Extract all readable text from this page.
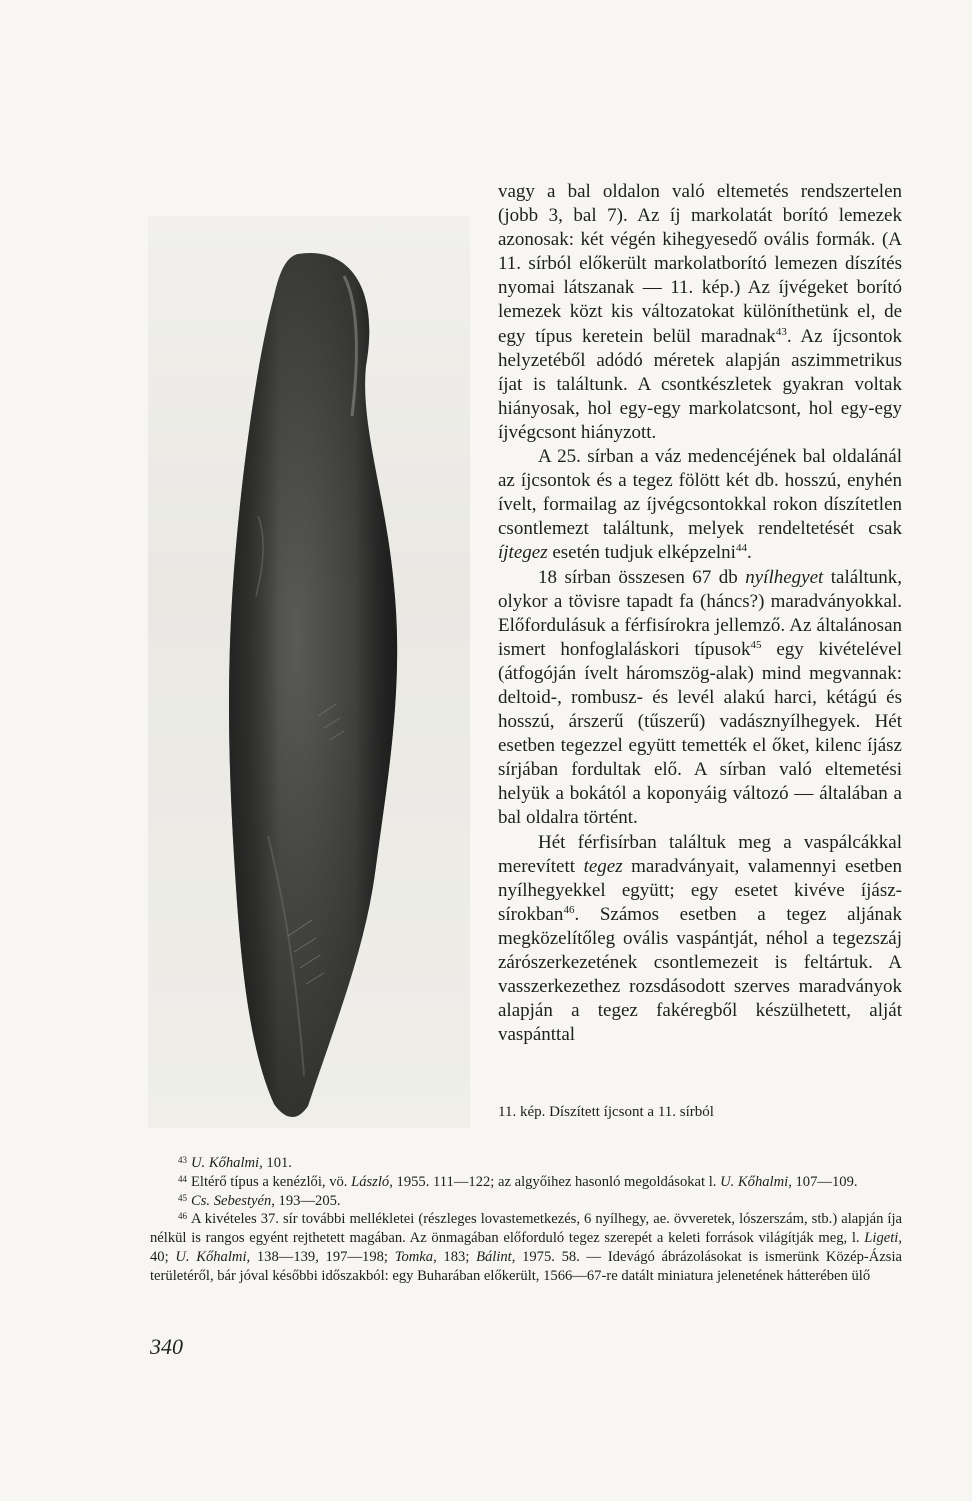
vagy a bal oldalon való eltemetés rendszertelen (jobb 3, bal 7). Az íj markolatát borító lemezek azonosak: két végén kihegyesedő ovális formák. (A 11. sírból előkerült markolatborító lemezen díszítés nyomai látszanak — 11. kép.) Az íjvégeket borító lemezek közt kis változatokat különíthetünk el, de egy típus keretein belül maradnak$^{43}$. Az íjcsontok helyzetéből adódó méretek alapján aszimmetrikus íjat is találtunk. A csontkészletek gyakran voltak hiányosak, hol egy-egy markolatcsont, hol egy-egy íjvégcsont hiányzott.

A 25. sírban a váz medencéjének bal oldalánál az íjcsontok és a tegez fölött két db. hosszú, enyhén ívelt, formailag az íjvégcsontokkal rokon díszítetlen csontlemezt találtunk, melyek rendeltetését csak íjtegez esetén tudjuk elképzelni$^{44}$.

18 sírban összesen 67 db nyílhegyet találtunk, olykor a tövisre tapadt fa (háncs?) maradványokkal. Előfordulásuk a férfisírokra jellemző. Az általánosan ismert honfoglaláskori típusok$^{45}$ egy kivételével (átfogóján ívelt háromszög-alak) mind megvannak: deltoid-, rombusz- és levél alakú harci, kétágú és hosszú, árszerű (tűszerű) vadásznyílhegyek. Hét esetben tegezzel együtt temették el őket, kilenc íjász sírjában fordultak elő. A sírban való eltemetési helyük a bokától a koponyáig változó — általában a bal oldalra történt.

Hét férfisírban találtuk meg a vaspálcákkal merevített tegez maradványait, valamennyi esetben nyílhegyekkel együtt; egy esetet kivéve íjász-sírokban$^{46}$. Számos esetben a tegez aljának megközelítőleg ovális vaspántját, néhol a tegezszáj zárószerkezetének csontlemezeit is feltártuk. A vasszerkezethez rozsdásodott szerves maradványok alapján a tegez fakéregből készülhetett, alját vaspánttal

11. kép. Díszített íjcsont a 11. sírból

$^{43}$ U. Kőhalmi, 101.

$^{44}$ Eltérő típus a kenézlői, vö. László, 1955. 111—122; az algyőihez hasonló megoldásokat l. U. Kőhalmi, 107—109.

$^{45}$ Cs. Sebestyén, 193—205.

$^{46}$ A kivételes 37. sír további mellékletei (részleges lovastemetkezés, 6 nyílhegy, ae. övveretek, lószerszám, stb.) alapján íja nélkül is rangos egyént rejthetett magában. Az önmagában előforduló tegez szerepét a keleti források világítják meg, l. Ligeti, 40; U. Kőhalmi, 138—139, 197—198; Tomka, 183; Bálint, 1975. 58. — Idevágó ábrázolásokat is ismerünk Közép-Ázsia területéről, bár jóval későbbi időszakból: egy Buharában előkerült, 1566—67-re datált miniatura jelenetének hátterében ülő

340
